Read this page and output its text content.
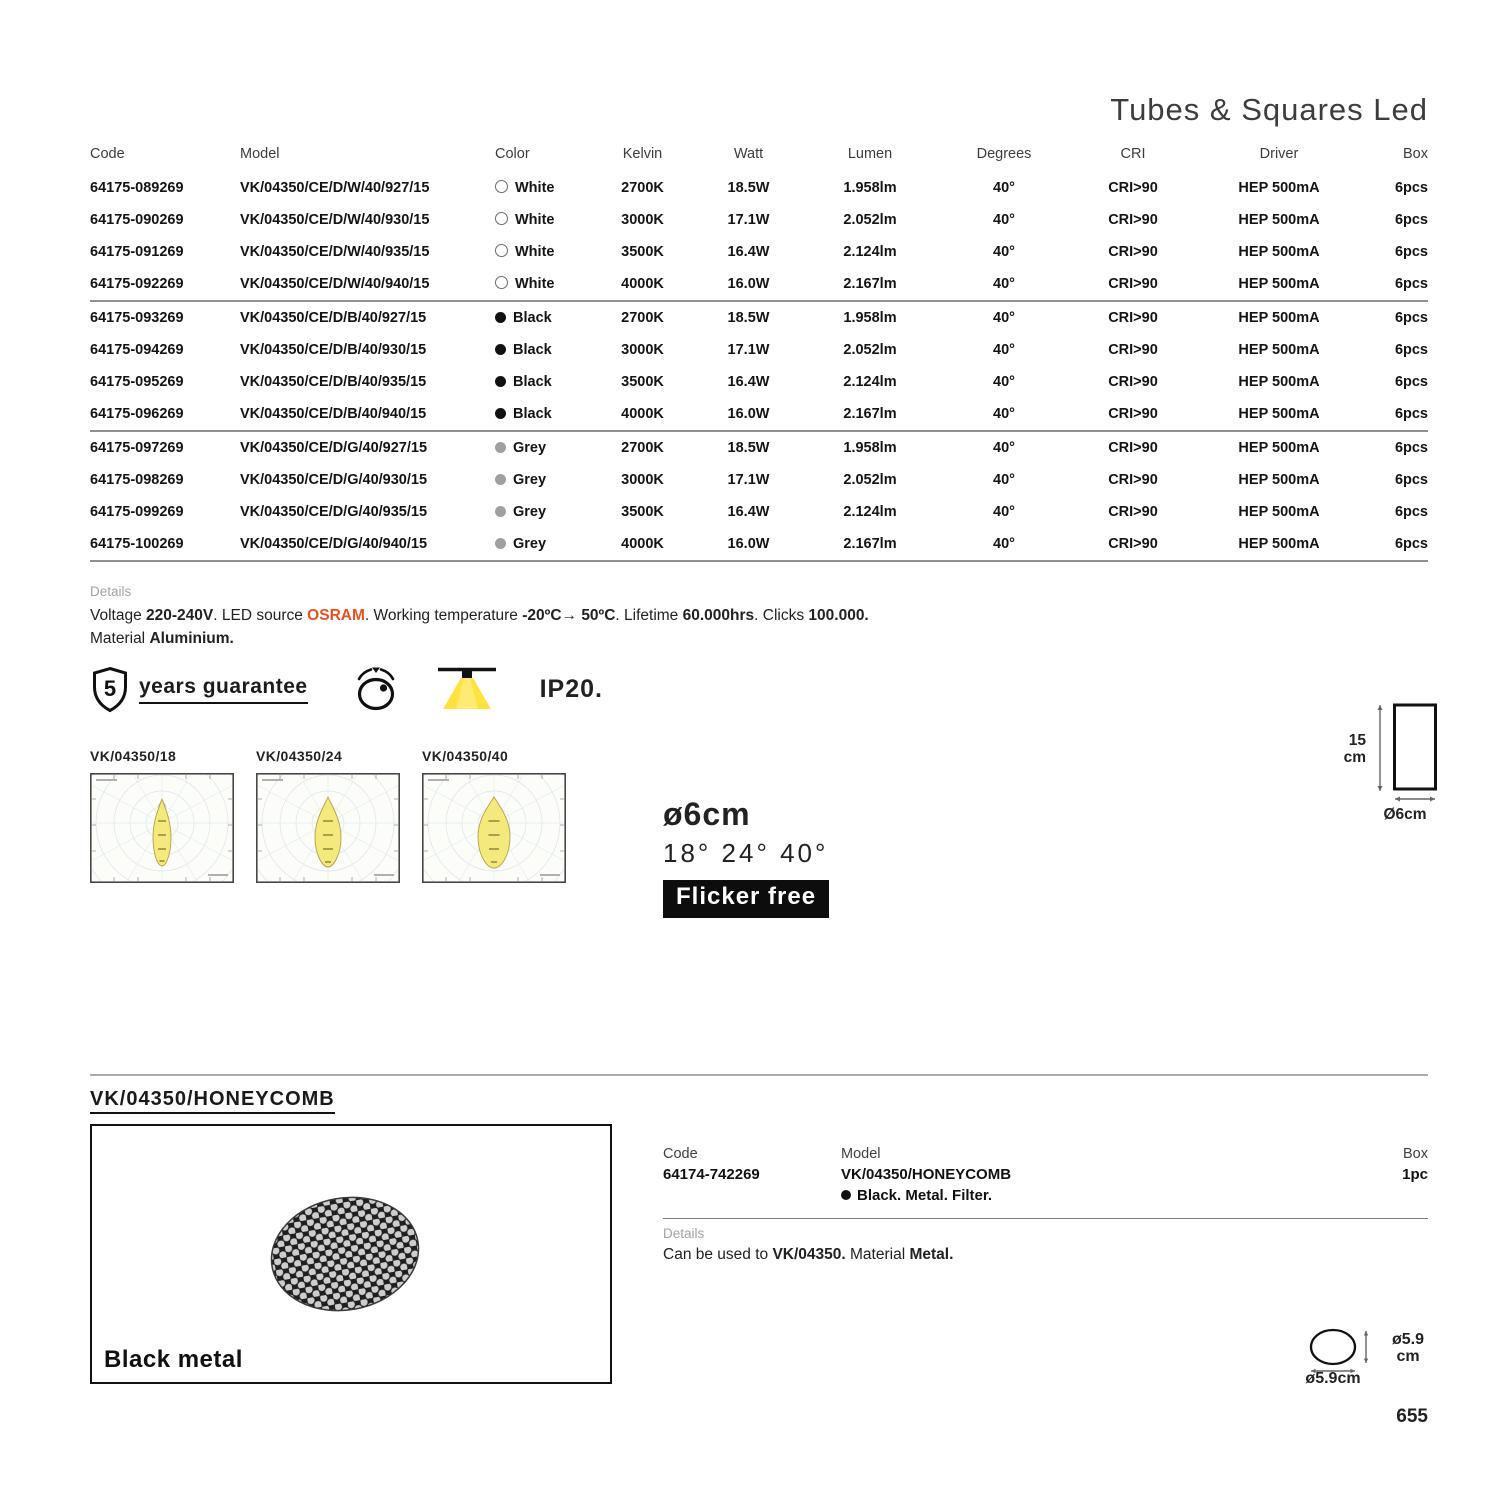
Tubes & Squares Led
Code	Model	Color	Kelvin	Watt	Lumen	Degrees	CRI	Driver	Box
64175-089269	VK/04350/CE/D/W/40/927/15	White	2700K	18.5W	1.958lm	40°	CRI>90	HEP 500mA	6pcs
64175-090269	VK/04350/CE/D/W/40/930/15	White	3000K	17.1W	2.052lm	40°	CRI>90	HEP 500mA	6pcs
64175-091269	VK/04350/CE/D/W/40/935/15	White	3500K	16.4W	2.124lm	40°	CRI>90	HEP 500mA	6pcs
64175-092269	VK/04350/CE/D/W/40/940/15	White	4000K	16.0W	2.167lm	40°	CRI>90	HEP 500mA	6pcs
64175-093269	VK/04350/CE/D/B/40/927/15	Black	2700K	18.5W	1.958lm	40°	CRI>90	HEP 500mA	6pcs
64175-094269	VK/04350/CE/D/B/40/930/15	Black	3000K	17.1W	2.052lm	40°	CRI>90	HEP 500mA	6pcs
64175-095269	VK/04350/CE/D/B/40/935/15	Black	3500K	16.4W	2.124lm	40°	CRI>90	HEP 500mA	6pcs
64175-096269	VK/04350/CE/D/B/40/940/15	Black	4000K	16.0W	2.167lm	40°	CRI>90	HEP 500mA	6pcs
64175-097269	VK/04350/CE/D/G/40/927/15	Grey	2700K	18.5W	1.958lm	40°	CRI>90	HEP 500mA	6pcs
64175-098269	VK/04350/CE/D/G/40/930/15	Grey	3000K	17.1W	2.052lm	40°	CRI>90	HEP 500mA	6pcs
64175-099269	VK/04350/CE/D/G/40/935/15	Grey	3500K	16.4W	2.124lm	40°	CRI>90	HEP 500mA	6pcs
64175-100269	VK/04350/CE/D/G/40/940/15	Grey	4000K	16.0W	2.167lm	40°	CRI>90	HEP 500mA	6pcs
Details
Voltage 220-240V. LED source OSRAM. Working temperature -20ºC→ 50ºC. Lifetime 60.000hrs. Clicks 100.000.
Material Aluminium.
5 years guarantee	IP20.
VK/04350/18	VK/04350/24	VK/04350/40
ø6cm
18° 24° 40°
Flicker free
15
cm
Ø6cm
VK/04350/HONEYCOMB
Black metal
Code
64174-742269
Model
VK/04350/HONEYCOMB
Black. Metal. Filter.
Box
1pc
Details
Can be used to VK/04350. Material Metal.
ø5.9
cm
ø5.9cm
655
